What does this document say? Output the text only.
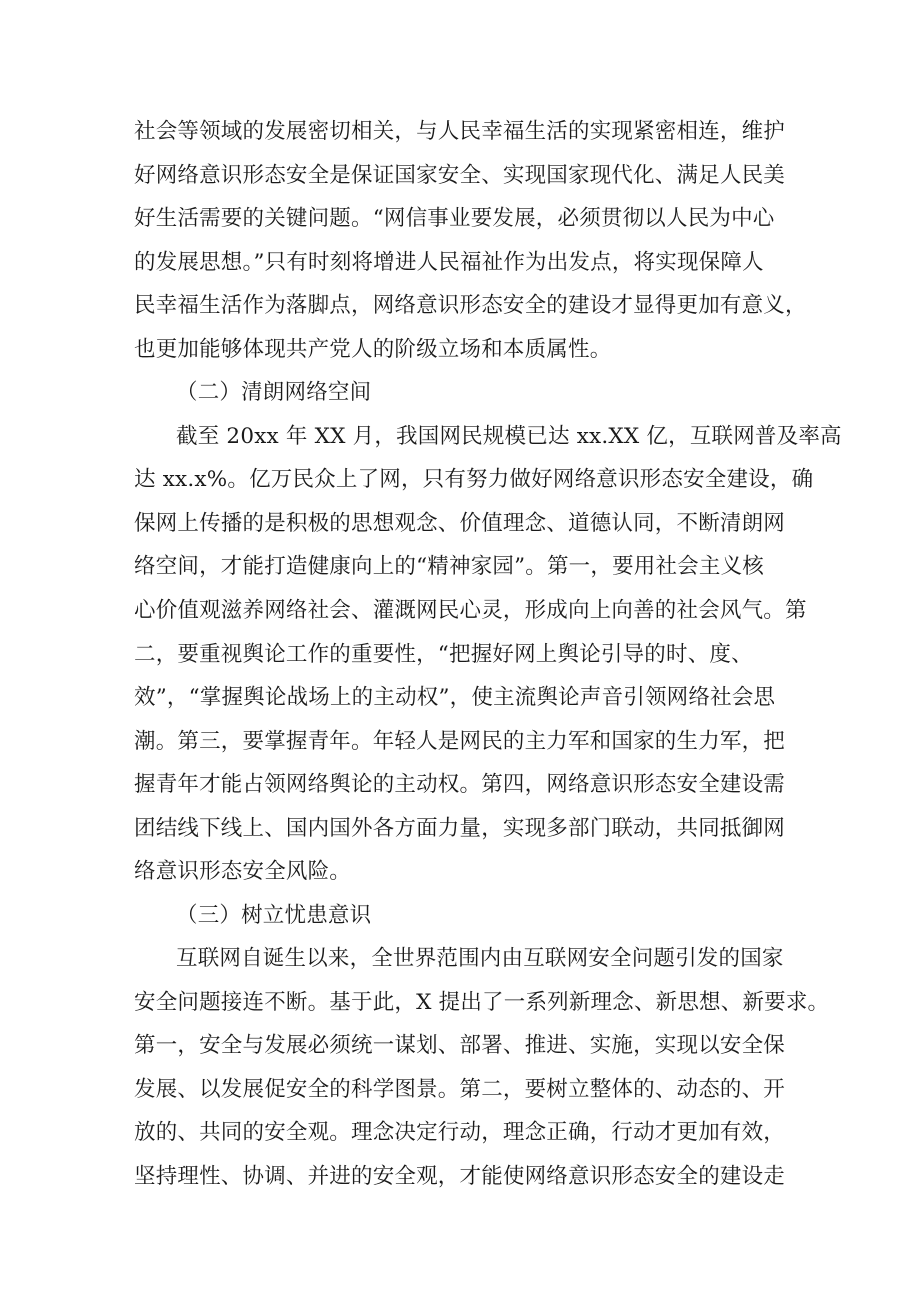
社会等领域的发展密切相关，与人民幸福生活的实现紧密相连，维护
好网络意识形态安全是保证国家安全、实现国家现代化、满足人民美
好生活需要的关键问题。“网信事业要发展，必须贯彻以人民为中心
的发展思想。”只有时刻将增进人民福祉作为出发点，将实现保障人
民幸福生活作为落脚点，网络意识形态安全的建设才显得更加有意义，
也更加能够体现共产党人的阶级立场和本质属性。
（二）清朗网络空间
截至 20xx 年 XX 月，我国网民规模已达 xx.XX 亿，互联网普及率高
达 xx.x%。亿万民众上了网，只有努力做好网络意识形态安全建设，确
保网上传播的是积极的思想观念、价值理念、道德认同，不断清朗网
络空间，才能打造健康向上的“精神家园”。第一，要用社会主义核
心价值观滋养网络社会、灌溉网民心灵，形成向上向善的社会风气。第
二，要重视舆论工作的重要性，“把握好网上舆论引导的时、度、
效”，“掌握舆论战场上的主动权”，使主流舆论声音引领网络社会思
潮。第三，要掌握青年。年轻人是网民的主力军和国家的生力军，把
握青年才能占领网络舆论的主动权。第四，网络意识形态安全建设需
团结线下线上、国内国外各方面力量，实现多部门联动，共同抵御网
络意识形态安全风险。
（三）树立忧患意识
互联网自诞生以来，全世界范围内由互联网安全问题引发的国家
安全问题接连不断。基于此，X 提出了一系列新理念、新思想、新要求。
第一，安全与发展必须统一谋划、部署、推进、实施，实现以安全保
发展、以发展促安全的科学图景。第二，要树立整体的、动态的、开
放的、共同的安全观。理念决定行动，理念正确，行动才更加有效，
坚持理性、协调、并进的安全观，才能使网络意识形态安全的建设走
